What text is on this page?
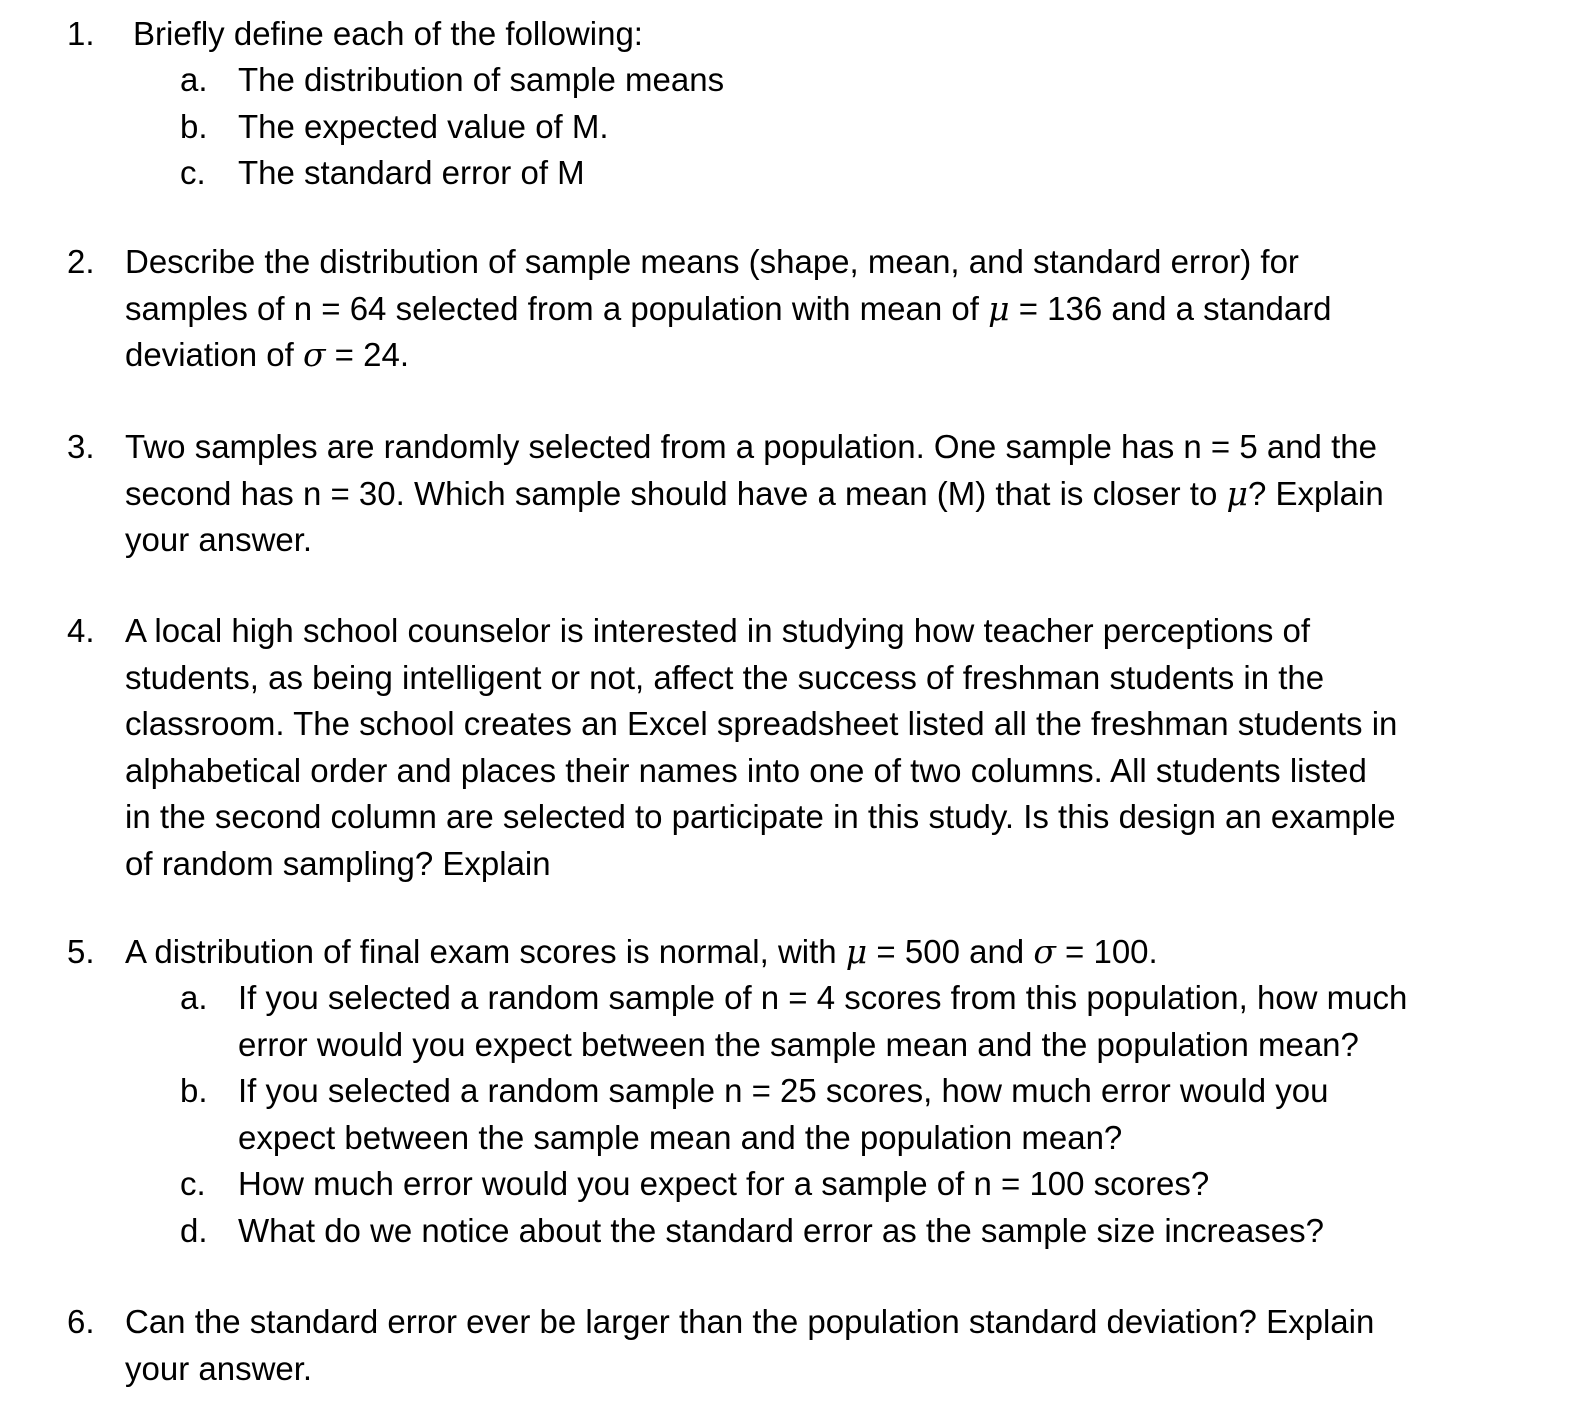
1. Briefly define each of the following:
a. The distribution of sample means
b. The expected value of M.
c. The standard error of M
2. Describe the distribution of sample means (shape, mean, and standard error) for
samples of n = 64 selected from a population with mean of μ = 136 and a standard
deviation of σ = 24.
3. Two samples are randomly selected from a population. One sample has n = 5 and the
second has n = 30. Which sample should have a mean (M) that is closer to μ? Explain
your answer.
4. A local high school counselor is interested in studying how teacher perceptions of
students, as being intelligent or not, affect the success of freshman students in the
classroom. The school creates an Excel spreadsheet listed all the freshman students in
alphabetical order and places their names into one of two columns. All students listed
in the second column are selected to participate in this study. Is this design an example
of random sampling? Explain
5. A distribution of final exam scores is normal, with μ = 500 and σ = 100.
a. If you selected a random sample of n = 4 scores from this population, how much
error would you expect between the sample mean and the population mean?
b. If you selected a random sample n = 25 scores, how much error would you
expect between the sample mean and the population mean?
c. How much error would you expect for a sample of n = 100 scores?
d. What do we notice about the standard error as the sample size increases?
6. Can the standard error ever be larger than the population standard deviation? Explain
your answer.
